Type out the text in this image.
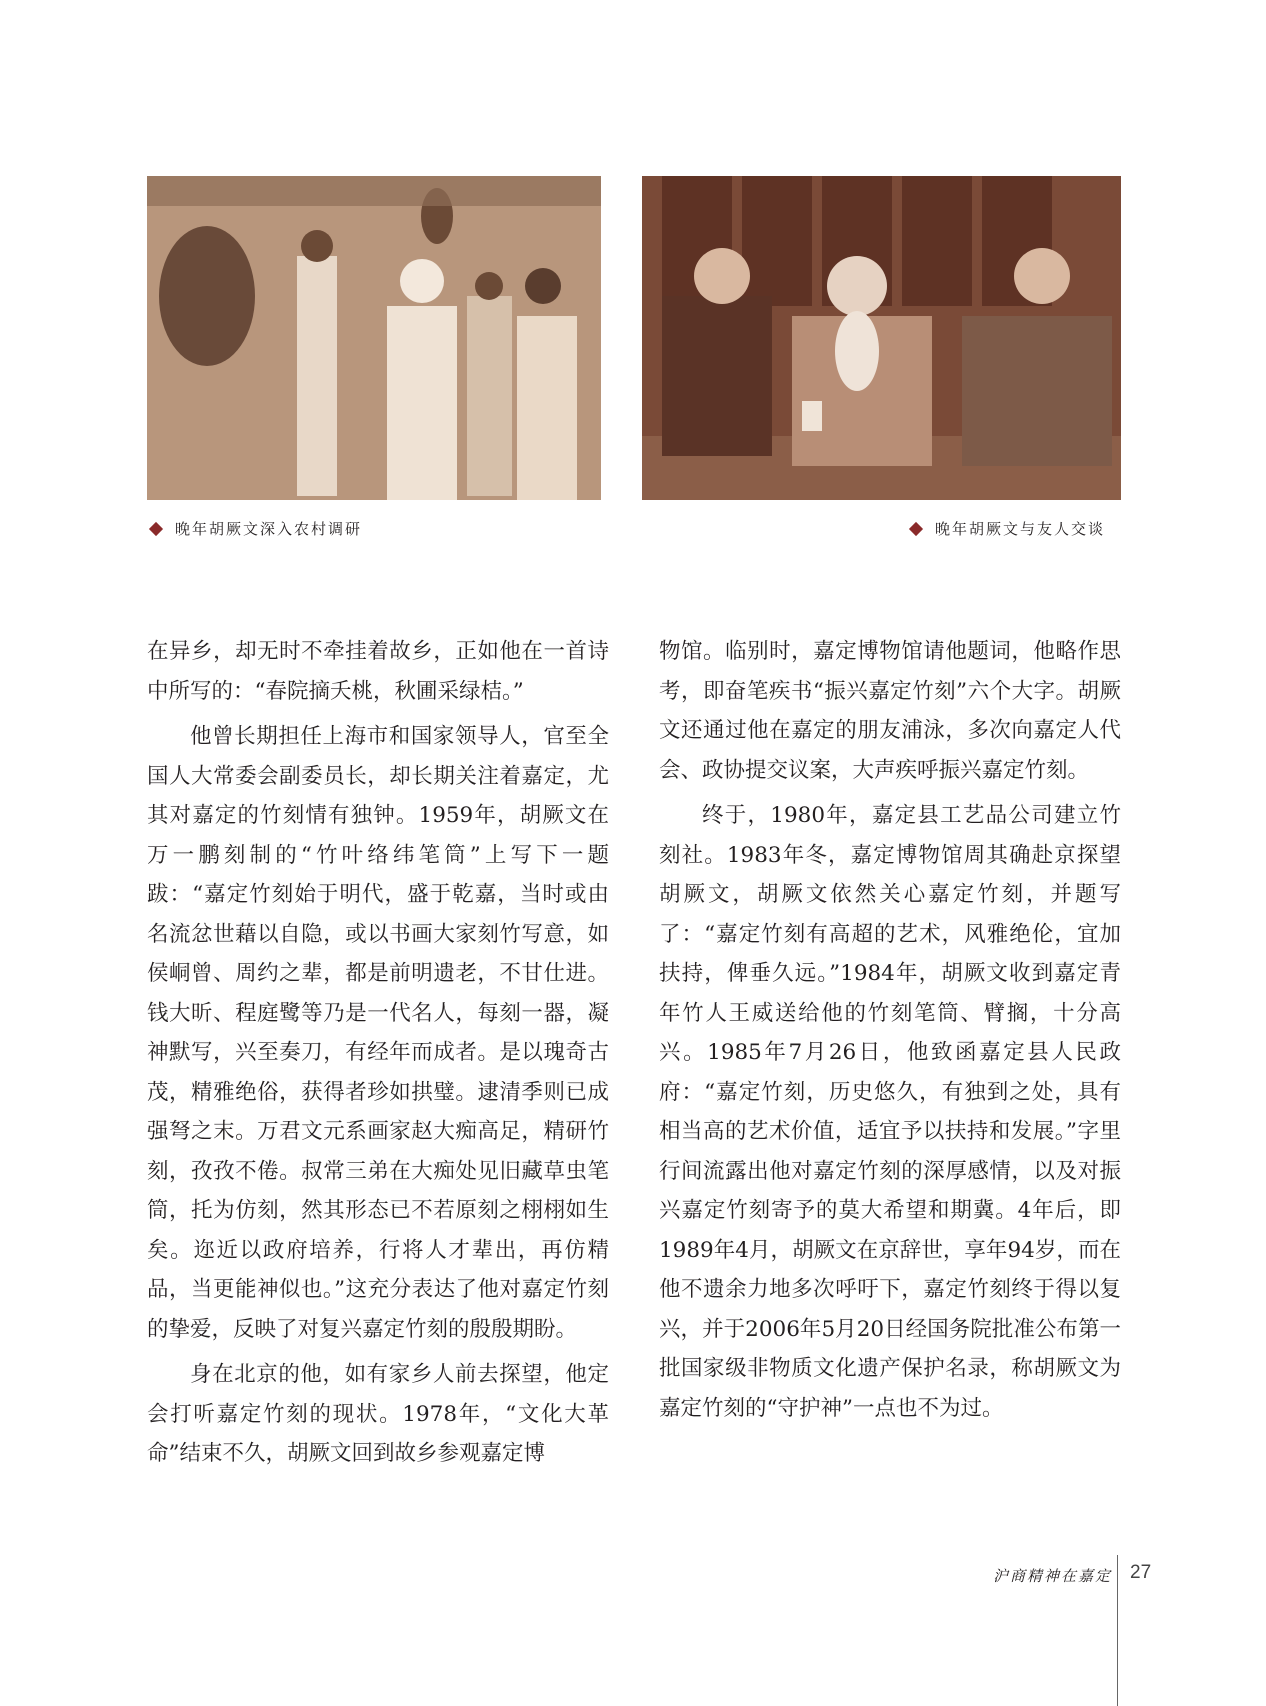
晚年胡厥文深入农村调研	晚年胡厥文与友人交谈

在异乡，却无时不牵挂着故乡，正如他在一首诗中所写的：“春院摘夭桃，秋圃采绿桔。”

他曾长期担任上海市和国家领导人，官至全国人大常委会副委员长，却长期关注着嘉定，尤其对嘉定的竹刻情有独钟。1959年，胡厥文在万一鹏刻制的“竹叶络纬笔筒”上写下一题跋：“嘉定竹刻始于明代，盛于乾嘉，当时或由名流忿世藉以自隐，或以书画大家刻竹写意，如侯峒曾、周约之辈，都是前明遗老，不甘仕进。钱大昕、程庭鹭等乃是一代名人，每刻一器，凝神默写，兴至奏刀，有经年而成者。是以瑰奇古茂，精雅绝俗，获得者珍如拱璧。逮清季则已成强弩之末。万君文元系画家赵大痴高足，精研竹刻，孜孜不倦。叔常三弟在大痴处见旧藏草虫笔筒，托为仿刻，然其形态已不若原刻之栩栩如生矣。迩近以政府培养，行将人才辈出，再仿精品，当更能神似也。”这充分表达了他对嘉定竹刻的挚爱，反映了对复兴嘉定竹刻的殷殷期盼。

身在北京的他，如有家乡人前去探望，他定会打听嘉定竹刻的现状。1978年，“文化大革命”结束不久，胡厥文回到故乡参观嘉定博

物馆。临别时，嘉定博物馆请他题词，他略作思考，即奋笔疾书“振兴嘉定竹刻”六个大字。胡厥文还通过他在嘉定的朋友浦泳，多次向嘉定人代会、政协提交议案，大声疾呼振兴嘉定竹刻。

终于，1980年，嘉定县工艺品公司建立竹刻社。1983年冬，嘉定博物馆周其确赴京探望胡厥文，胡厥文依然关心嘉定竹刻，并题写了：“嘉定竹刻有高超的艺术，风雅绝伦，宜加扶持，俾垂久远。”1984年，胡厥文收到嘉定青年竹人王威送给他的竹刻笔筒、臂搁，十分高兴。1985年7月26日，他致函嘉定县人民政府：“嘉定竹刻，历史悠久，有独到之处，具有相当高的艺术价值，适宜予以扶持和发展。”字里行间流露出他对嘉定竹刻的深厚感情，以及对振兴嘉定竹刻寄予的莫大希望和期冀。4年后，即1989年4月，胡厥文在京辞世，享年94岁，而在他不遗余力地多次呼吁下，嘉定竹刻终于得以复兴，并于2006年5月20日经国务院批准公布第一批国家级非物质文化遗产保护名录，称胡厥文为嘉定竹刻的“守护神”一点也不为过。

沪商精神在嘉定 27
